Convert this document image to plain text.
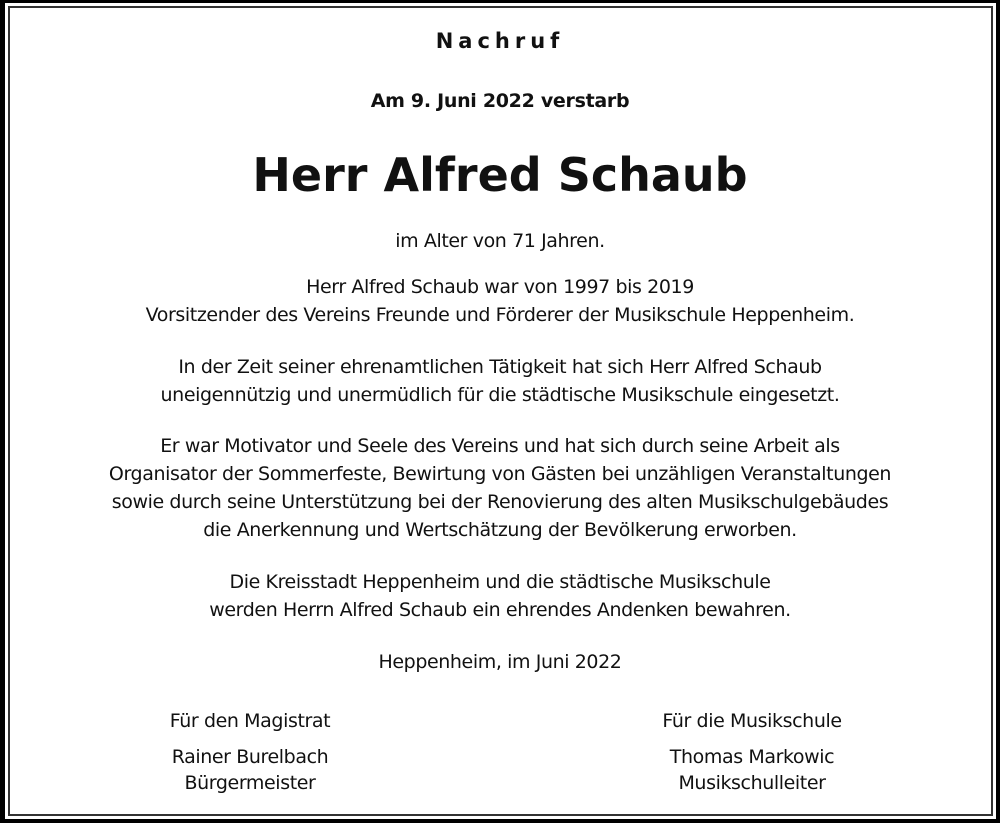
Nachruf
Am 9. Juni 2022 verstarb
Herr Alfred Schaub
im Alter von 71 Jahren.
Herr Alfred Schaub war von 1997 bis 2019
Vorsitzender des Vereins Freunde und Förderer der Musikschule Heppenheim.
In der Zeit seiner ehrenamtlichen Tätigkeit hat sich Herr Alfred Schaub
uneigennützig und unermüdlich für die städtische Musikschule eingesetzt.
Er war Motivator und Seele des Vereins und hat sich durch seine Arbeit als
Organisator der Sommerfeste, Bewirtung von Gästen bei unzähligen Veranstaltungen
sowie durch seine Unterstützung bei der Renovierung des alten Musikschulgebäudes
die Anerkennung und Wertschätzung der Bevölkerung erworben.
Die Kreisstadt Heppenheim und die städtische Musikschule
werden Herrn Alfred Schaub ein ehrendes Andenken bewahren.
Heppenheim, im Juni 2022
Für den Magistrat
Rainer Burelbach
Bürgermeister
Für die Musikschule
Thomas Markowic
Musikschulleiter
